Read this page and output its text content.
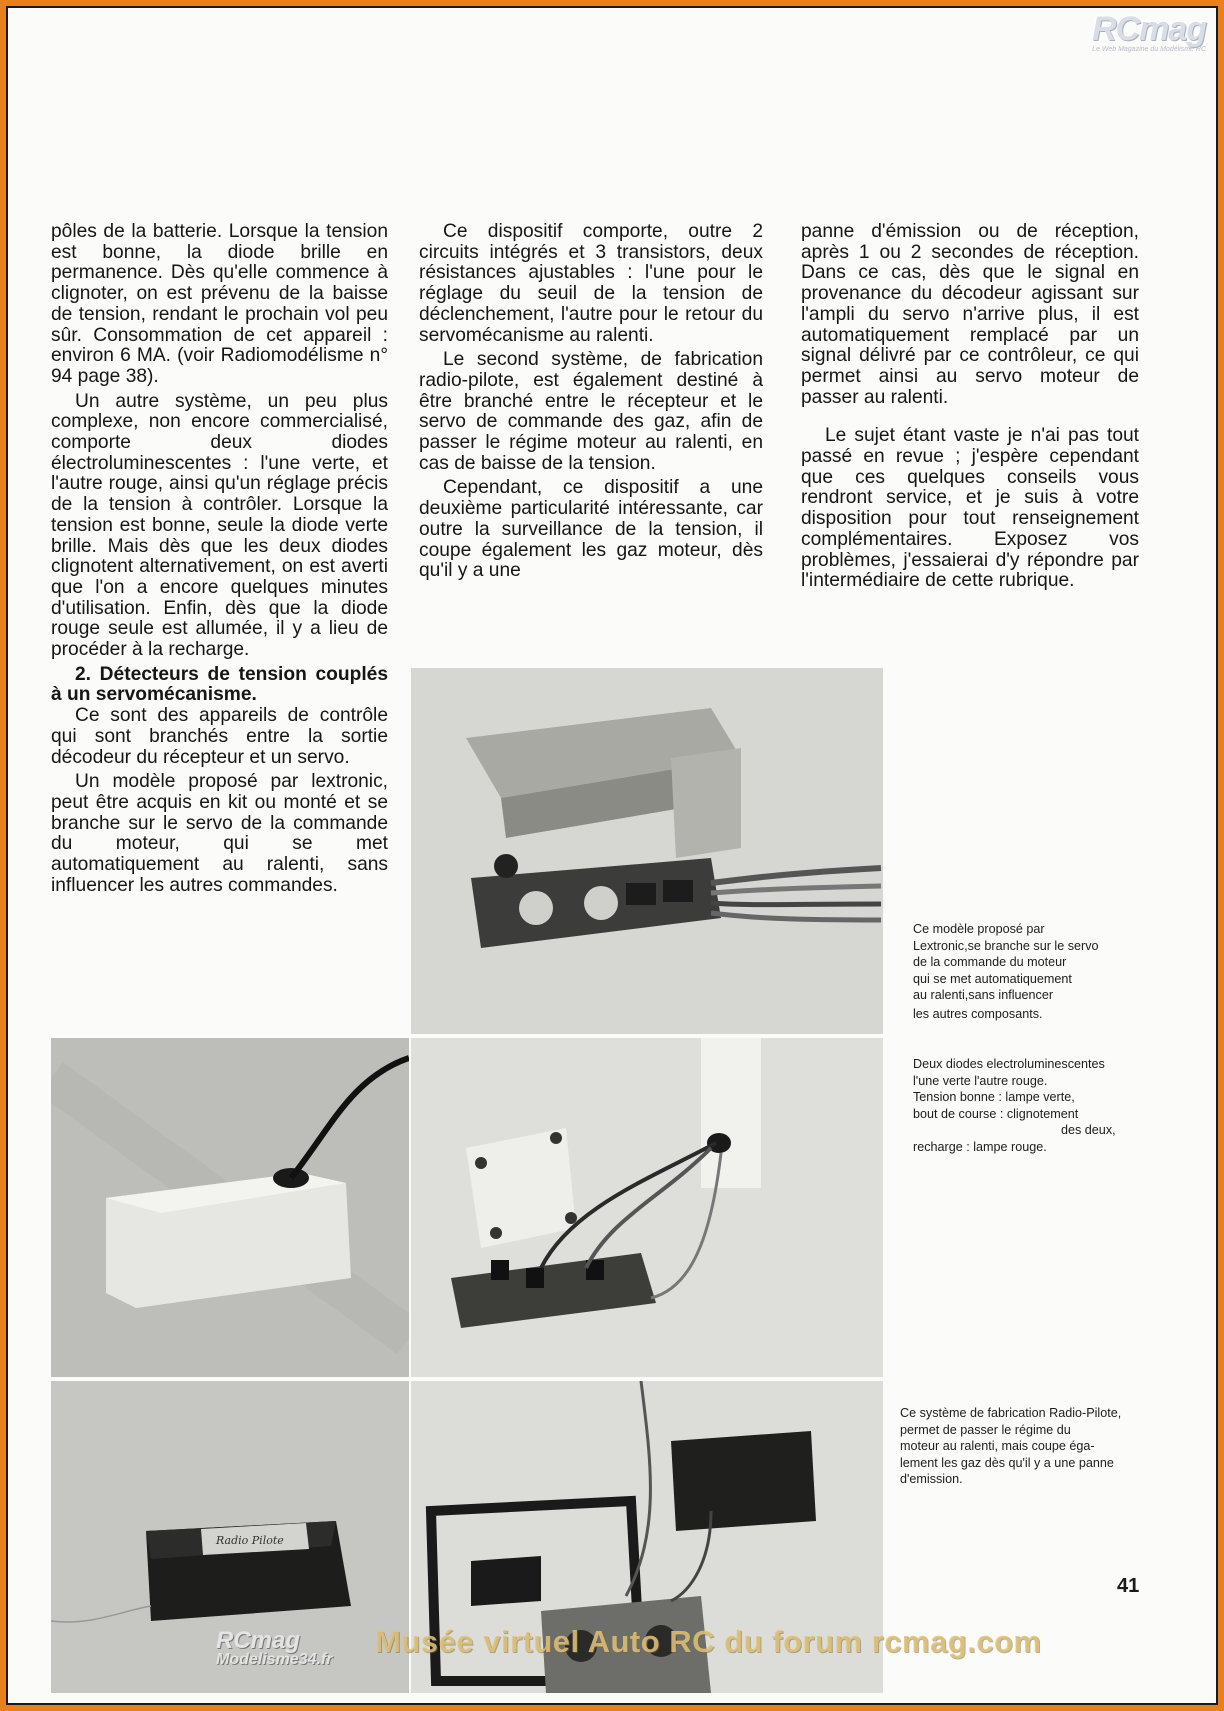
RCmag
Le Web Magazine du Modélisme RC

pôles de la batterie. Lorsque la tension est bonne, la diode brille en permanence. Dès qu'elle commence à clignoter, on est prévenu de la baisse de tension, rendant le prochain vol peu sûr. Consommation de cet appareil : environ 6 MA. (voir Radiomodélisme n° 94 page 38).

Un autre système, un peu plus complexe, non encore commercialisé, comporte deux diodes électroluminescentes : l'une verte, et l'autre rouge, ainsi qu'un réglage précis de la tension à contrôler. Lorsque la tension est bonne, seule la diode verte brille. Mais dès que les deux diodes clignotent alternativement, on est averti que l'on a encore quelques minutes d'utilisation. Enfin, dès que la diode rouge seule est allumée, il y a lieu de procéder à la recharge.

2. Détecteurs de tension couplés à un servomécanisme.

Ce sont des appareils de contrôle qui sont branchés entre la sortie décodeur du récepteur et un servo.

Un modèle proposé par lextronic, peut être acquis en kit ou monté et se branche sur le servo de la commande du moteur, qui se met automatiquement au ralenti, sans influencer les autres commandes.

Ce dispositif comporte, outre 2 circuits intégrés et 3 transistors, deux résistances ajustables : l'une pour le réglage du seuil de la tension de déclenchement, l'autre pour le retour du servomécanisme au ralenti.

Le second système, de fabrication radio-pilote, est également destiné à être branché entre le récepteur et le servo de commande des gaz, afin de passer le régime moteur au ralenti, en cas de baisse de la tension.

Cependant, ce dispositif a une deuxième particularité intéressante, car outre la surveillance de la tension, il coupe également les gaz moteur, dès qu'il y a une

panne d'émission ou de réception, après 1 ou 2 secondes de réception. Dans ce cas, dès que le signal en provenance du décodeur agissant sur l'ampli du servo n'arrive plus, il est automatiquement remplacé par un signal délivré par ce contrôleur, ce qui permet ainsi au servo moteur de passer au ralenti.

Le sujet étant vaste je n'ai pas tout passé en revue ; j'espère cependant que ces quelques conseils vous rendront service, et je suis à votre disposition pour tout renseignement complémentaires. Exposez vos problèmes, j'essaierai d'y répondre par l'intermédiaire de cette rubrique.

Radio Pilote

Ce modèle proposé par

Lextronic,se branche sur le servo

de la commande du moteur

qui se met automatiquement

au ralenti,sans influencer

les autres composants.

Deux diodes electroluminescentes

l'une verte l'autre rouge.

Tension bonne : lampe verte,

bout de course : clignotement

des deux,

recharge : lampe rouge.

Ce système de fabrication Radio-Pilote,

permet de passer le régime du

moteur au ralenti, mais coupe éga-

lement les gaz dès qu'il y a une panne

d'emission.

41
RCmag
Modelisme34.fr
Musée virtuel Auto RC du forum rcmag.com
